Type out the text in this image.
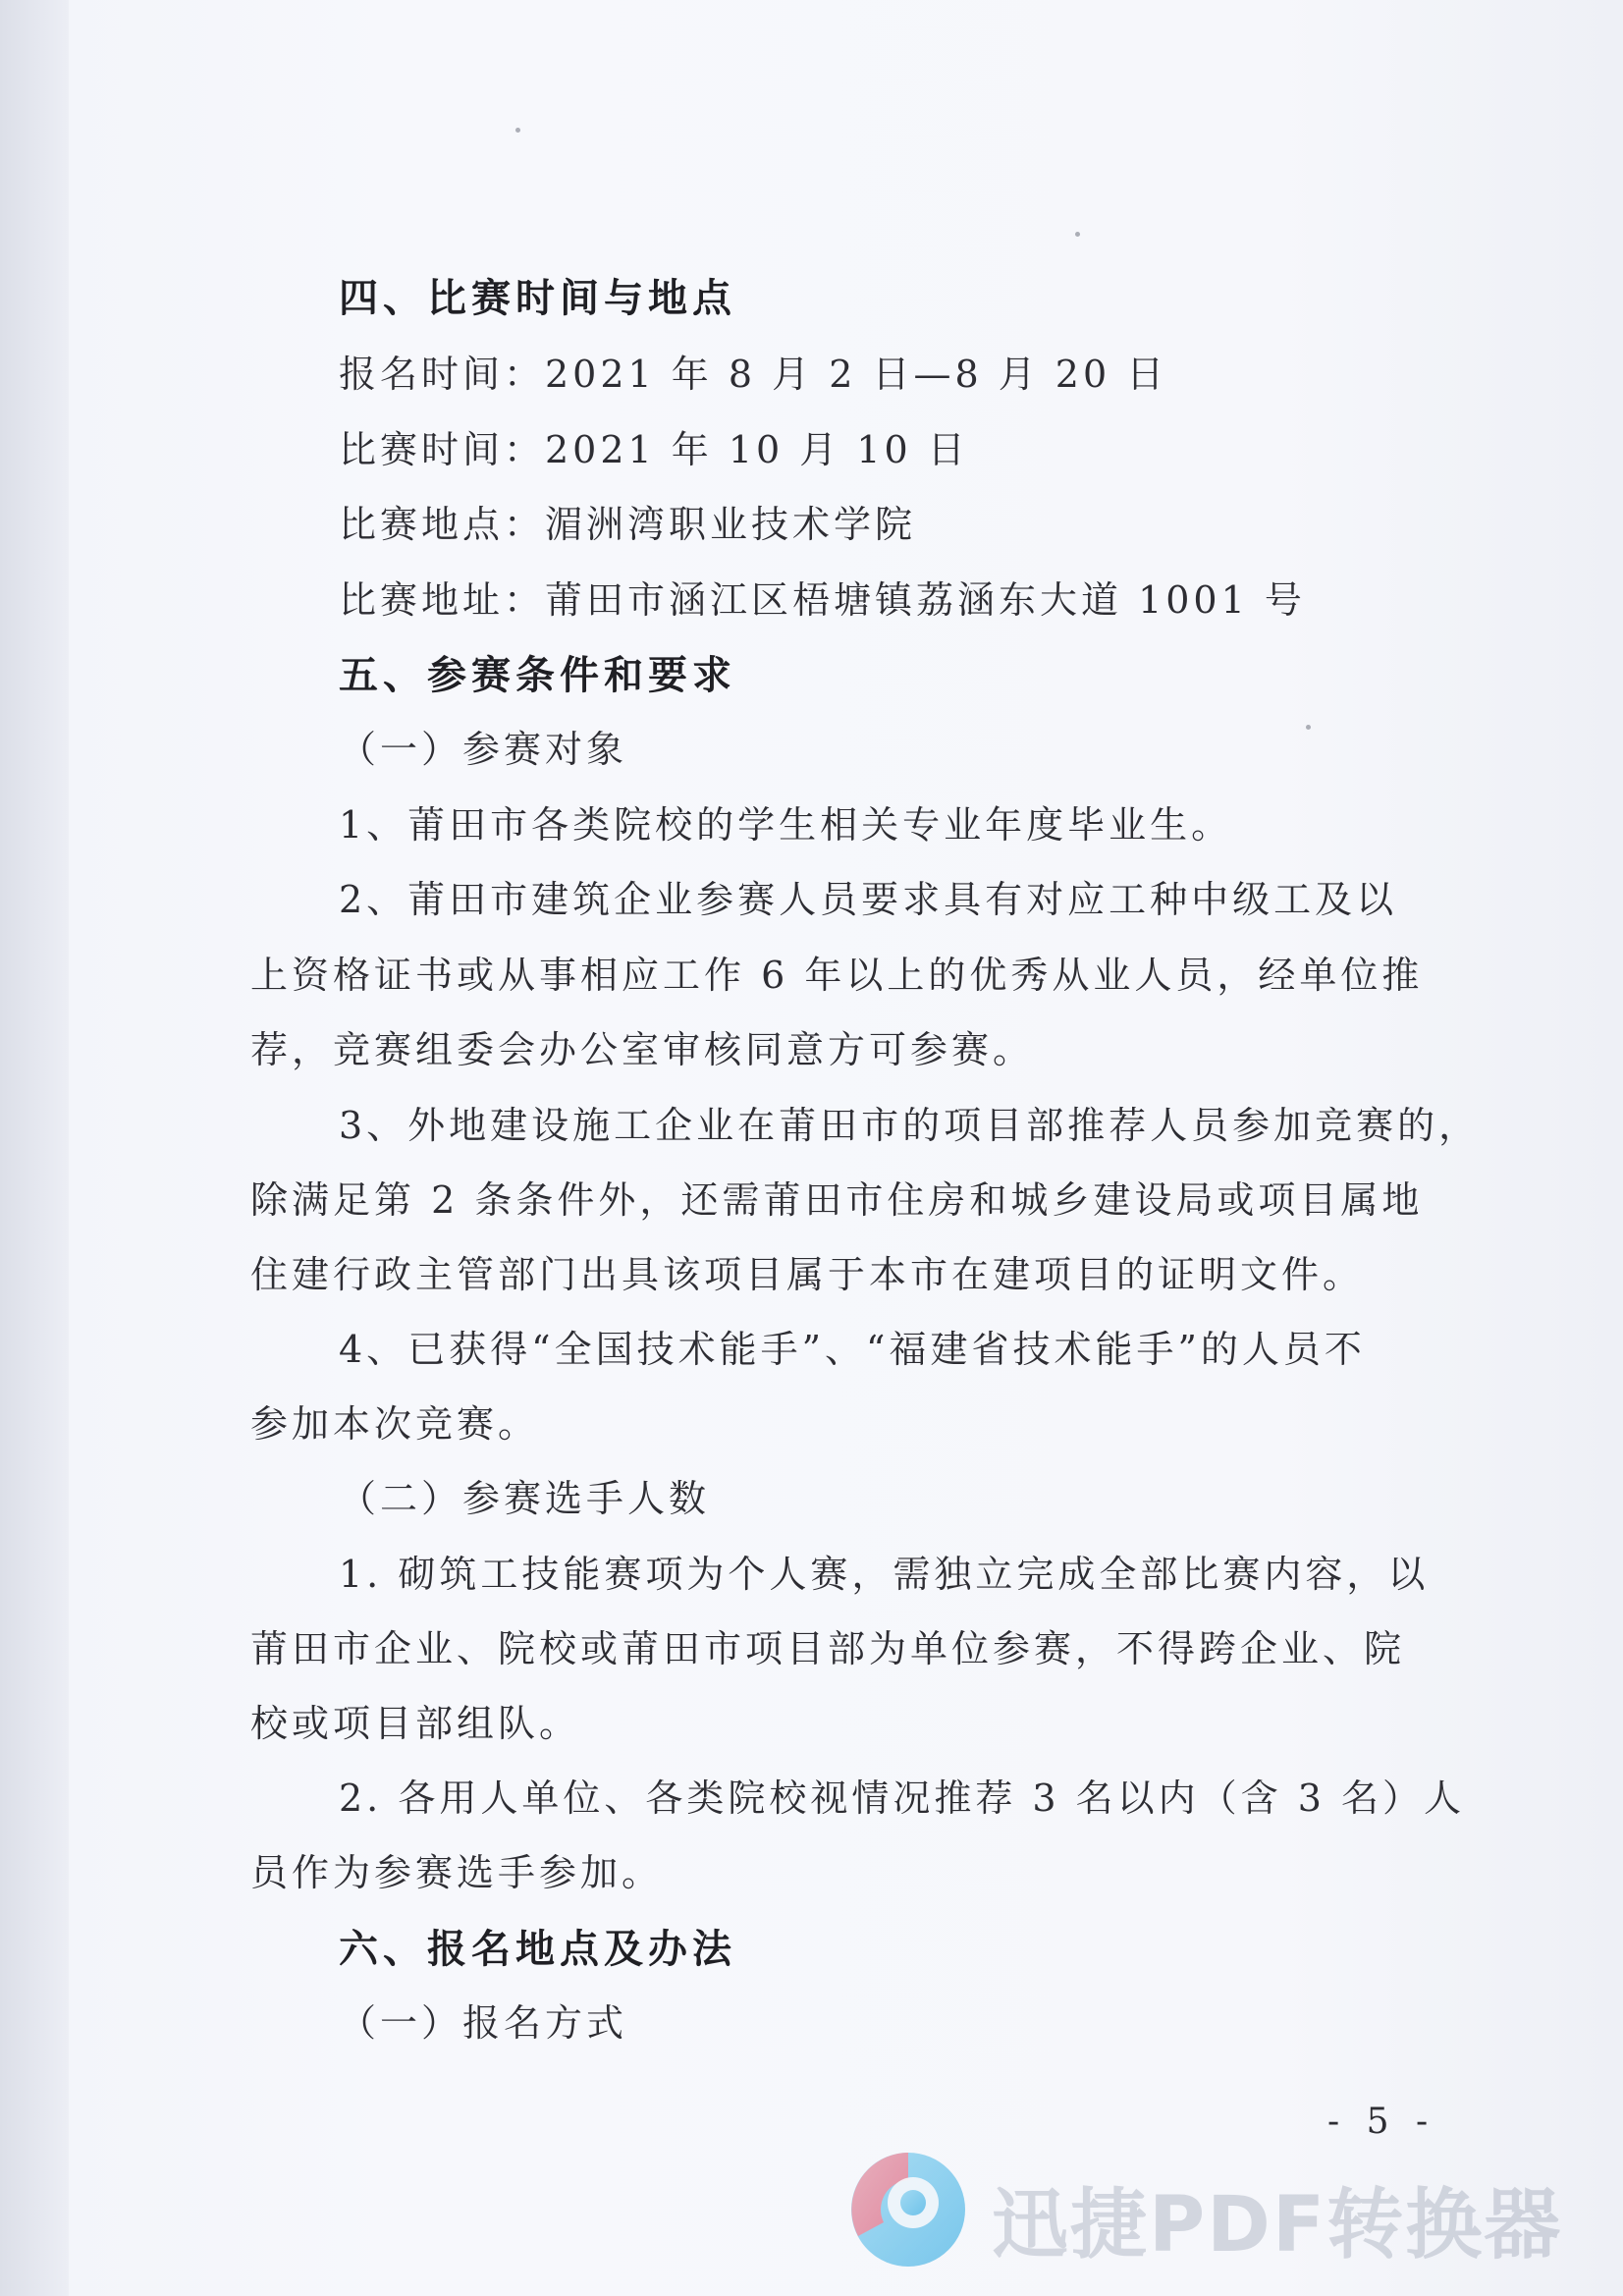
四、比赛时间与地点
报名时间：2021 年 8 月 2 日—8 月 20 日
比赛时间：2021 年 10 月 10 日
比赛地点：湄洲湾职业技术学院
比赛地址：莆田市涵江区梧塘镇荔涵东大道 1001 号
五、参赛条件和要求
（一）参赛对象
1、莆田市各类院校的学生相关专业年度毕业生。
2、莆田市建筑企业参赛人员要求具有对应工种中级工及以
上资格证书或从事相应工作 6 年以上的优秀从业人员，经单位推
荐，竞赛组委会办公室审核同意方可参赛。
3、外地建设施工企业在莆田市的项目部推荐人员参加竞赛的，
除满足第 2 条条件外，还需莆田市住房和城乡建设局或项目属地
住建行政主管部门出具该项目属于本市在建项目的证明文件。
4、已获得“全国技术能手”、“福建省技术能手”的人员不
参加本次竞赛。
（二）参赛选手人数
1. 砌筑工技能赛项为个人赛，需独立完成全部比赛内容，以
莆田市企业、院校或莆田市项目部为单位参赛，不得跨企业、院
校或项目部组队。
2. 各用人单位、各类院校视情况推荐 3 名以内（含 3 名）人
员作为参赛选手参加。
六、报名地点及办法
（一）报名方式
- 5 -
迅捷PDF转换器
